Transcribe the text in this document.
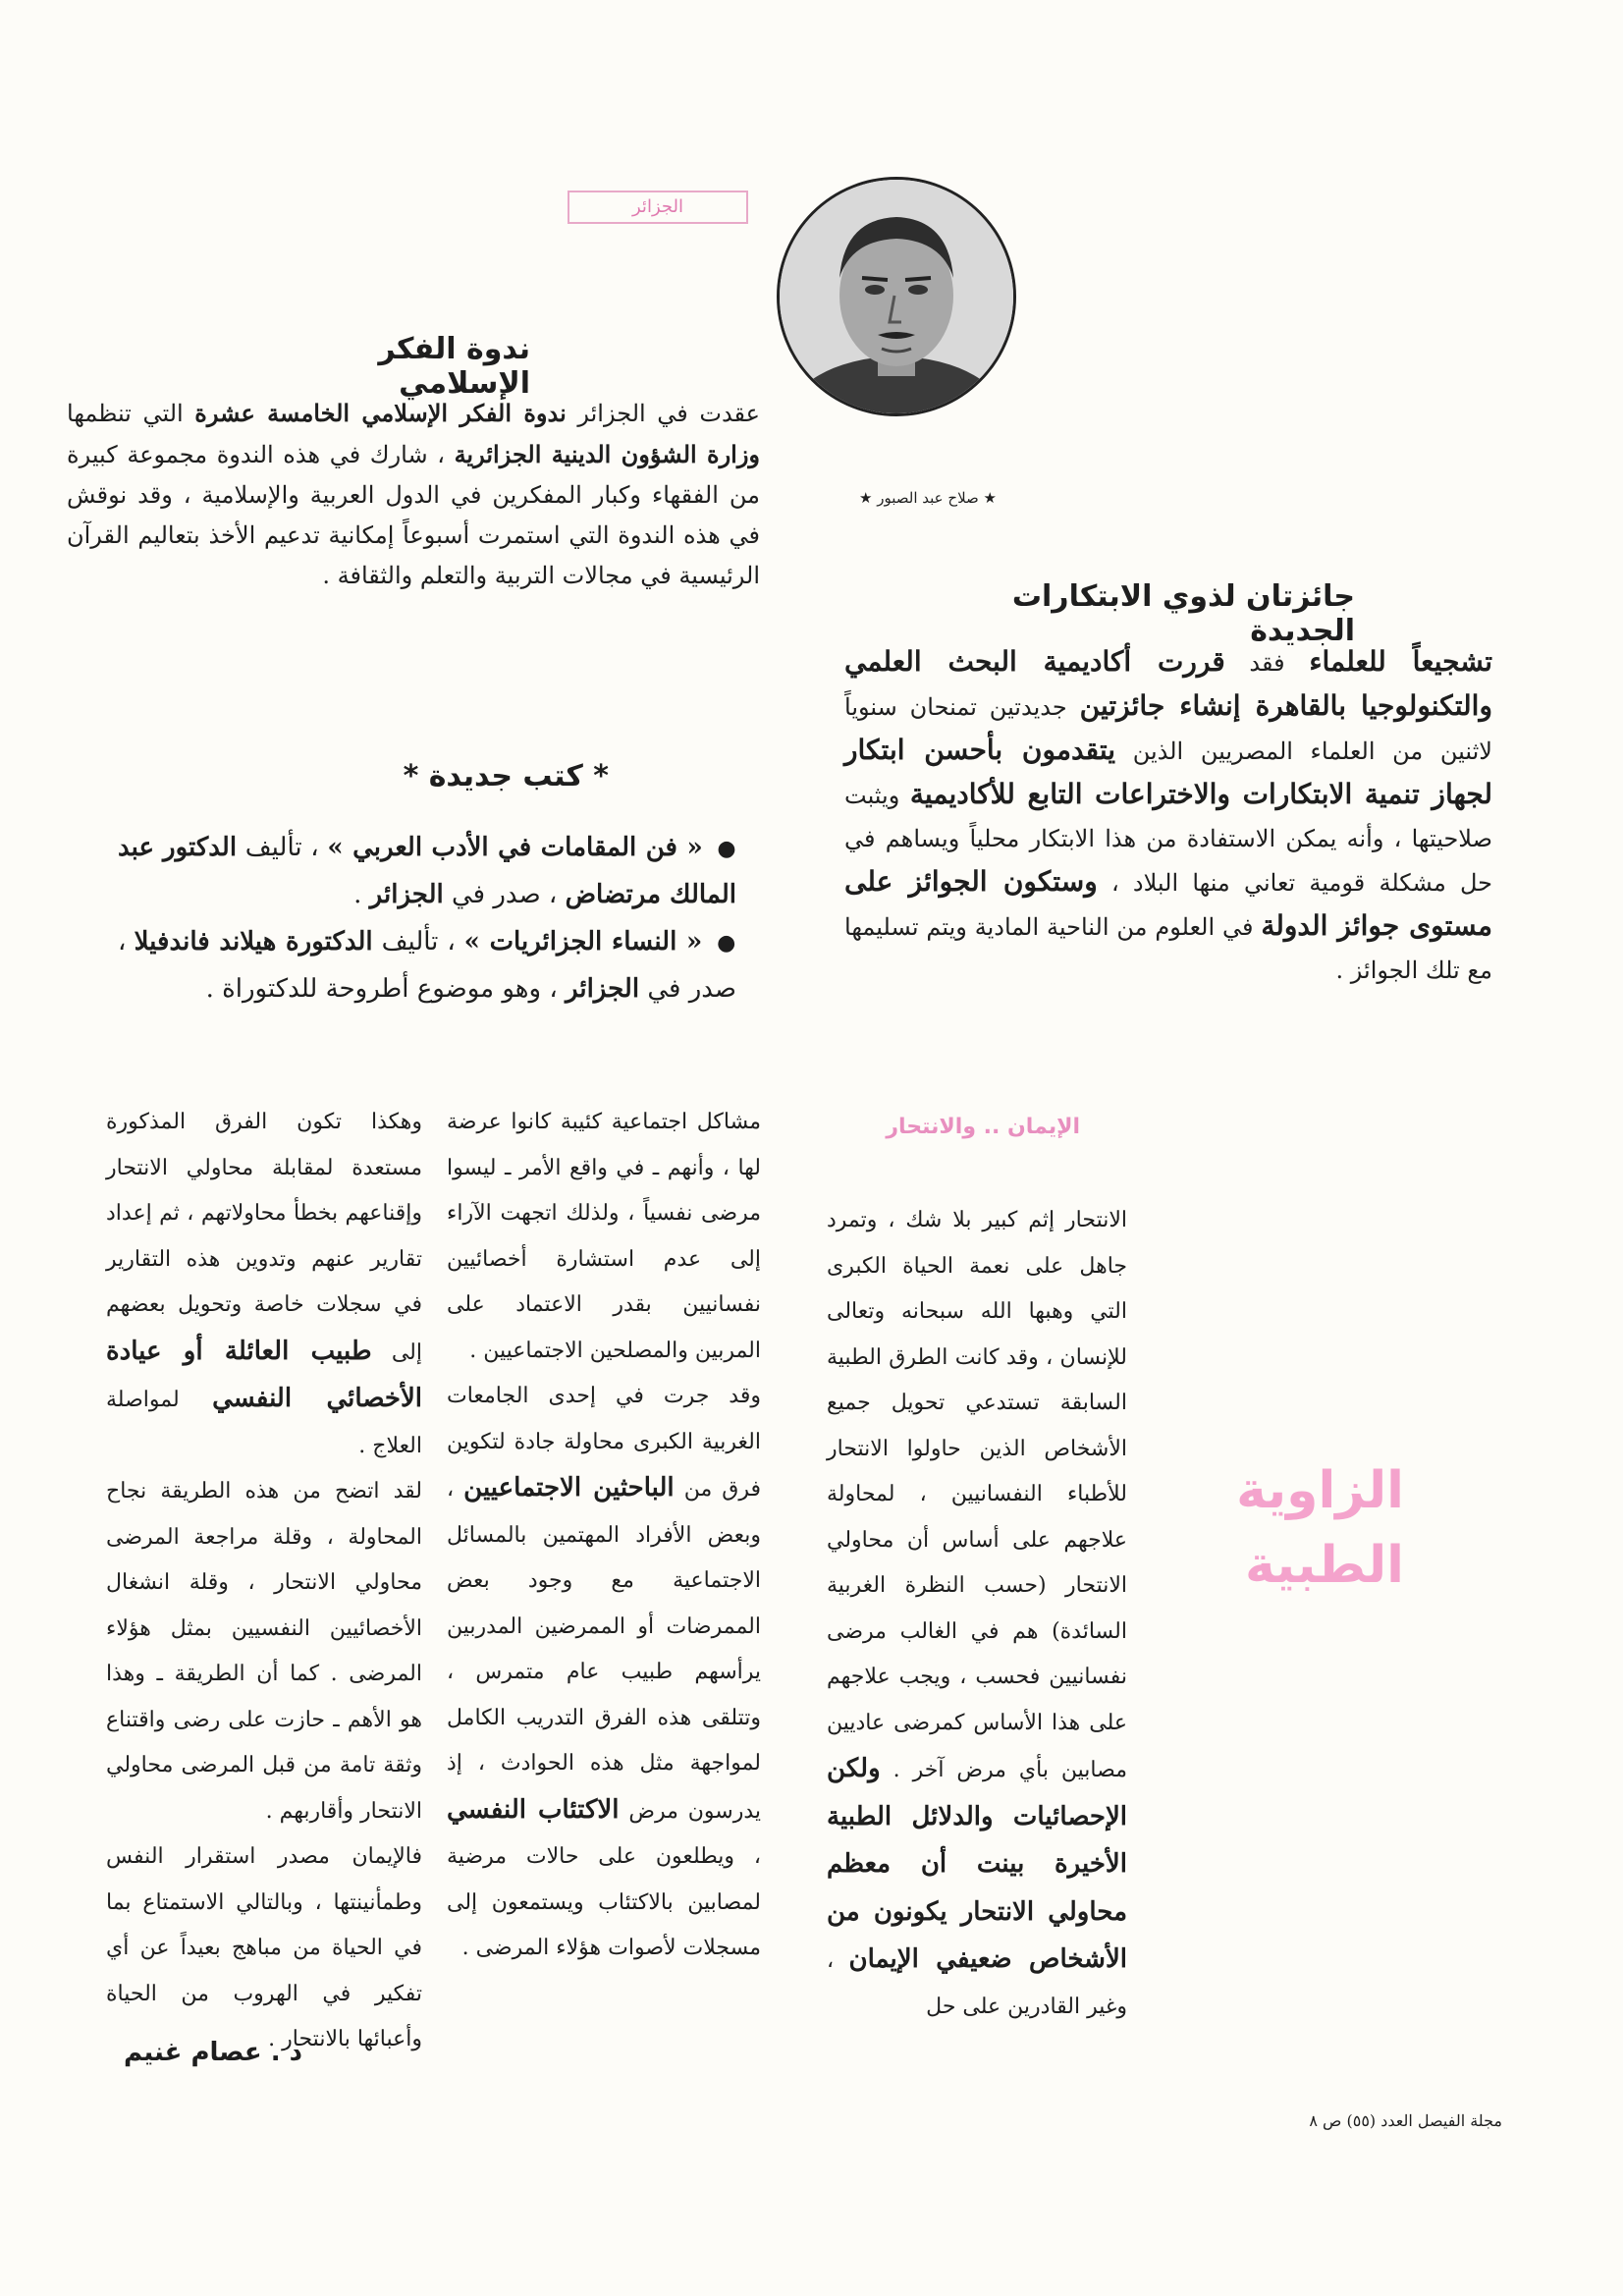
الجزائر
★ صلاح عبد الصبور ★
ندوة الفكر الإسلامي

عقدت في الجزائر ندوة الفكر الإسلامي الخامسة عشرة التي تنظمها وزارة الشؤون الدينية الجزائرية ، شارك في هذه الندوة مجموعة كبيرة من الفقهاء وكبار المفكرين في الدول العربية والإسلامية ، وقد نوقش في هذه الندوة التي استمرت أسبوعاً إمكانية تدعيم الأخذ بتعاليم القرآن الرئيسية في مجالات التربية والتعلم والثقافة .

جائزتان لذوي الابتكارات الجديدة

تشجيعاً للعلماء فقد قررت أكاديمية البحث العلمي والتكنولوجيا بالقاهرة إنشاء جائزتين جديدتين تمنحان سنوياً لاثنين من العلماء المصريين الذين يتقدمون بأحسن ابتكار لجهاز تنمية الابتكارات والاختراعات التابع للأكاديمية ويثبت صلاحيتها ، وأنه يمكن الاستفادة من هذا الابتكار محلياً ويساهم في حل مشكلة قومية تعاني منها البلاد ، وستكون الجوائز على مستوى جوائز الدولة في العلوم من الناحية المادية ويتم تسليمها مع تلك الجوائز .

* كتب جديدة *
● « فن المقامات في الأدب العربي » ، تأليف الدكتور عبد المالك مرتضاض ، صدر في الجزائر .
● « النساء الجزائريات » ، تأليف الدكتورة هيلاند فاندفيلا ، صدر في الجزائر ، وهو موضوع أطروحة للدكتوراة .
الزاوية الطبية
الإيمان .. والانتحار

الانتحار إثم كبير بلا شك ، وتمرد جاهل على نعمة الحياة الكبرى التي وهبها الله سبحانه وتعالى للإنسان ، وقد كانت الطرق الطبية السابقة تستدعي تحويل جميع الأشخاص الذين حاولوا الانتحار للأطباء النفسانيين ، لمحاولة علاجهم على أساس أن محاولي الانتحار (حسب النظرة الغربية السائدة) هم في الغالب مرضى نفسانيين فحسب ، ويجب علاجهم على هذا الأساس كمرضى عاديين مصابين بأي مرض آخر . ولكن الإحصائيات والدلائل الطبية الأخيرة بينت أن معظم محاولي الانتحار يكونون من الأشخاص ضعيفي الإيمان ، وغير القادرين على حل

مشاكل اجتماعية كئيبة كانوا عرضة لها ، وأنهم ـ في واقع الأمر ـ ليسوا مرضى نفسياً ، ولذلك اتجهت الآراء إلى عدم استشارة أخصائيين نفسانيين بقدر الاعتماد على المربين والمصلحين الاجتماعيين .

وقد جرت في إحدى الجامعات الغربية الكبرى محاولة جادة لتكوين فرق من الباحثين الاجتماعيين ، وبعض الأفراد المهتمين بالمسائل الاجتماعية مع وجود بعض الممرضات أو الممرضين المدربين يرأسهم طبيب عام متمرس ، وتتلقى هذه الفرق التدريب الكامل لمواجهة مثل هذه الحوادث ، إذ يدرسون مرض الاكتئاب النفسي ، ويطلعون على حالات مرضية لمصابين بالاكتئاب ويستمعون إلى مسجلات لأصوات هؤلاء المرضى .

وهكذا تكون الفرق المذكورة مستعدة لمقابلة محاولي الانتحار وإقناعهم بخطأ محاولاتهم ، ثم إعداد تقارير عنهم وتدوين هذه التقارير في سجلات خاصة وتحويل بعضهم إلى طبيب العائلة أو عيادة الأخصائي النفسي لمواصلة العلاج .

لقد اتضح من هذه الطريقة نجاح المحاولة ، وقلة مراجعة المرضى محاولي الانتحار ، وقلة انشغال الأخصائيين النفسيين بمثل هؤلاء المرضى . كما أن الطريقة ـ وهذا هو الأهم ـ حازت على رضى واقتناع وثقة تامة من قبل المرضى محاولي الانتحار وأقاربهم .

فالإيمان مصدر استقرار النفس وطمأنينتها ، وبالتالي الاستمتاع بما في الحياة من مباهج بعيداً عن أي تفكير في الهروب من الحياة وأعبائها بالانتحار .

د . عصام غنيم
مجلة الفيصل العدد (٥٥) ص ٨
